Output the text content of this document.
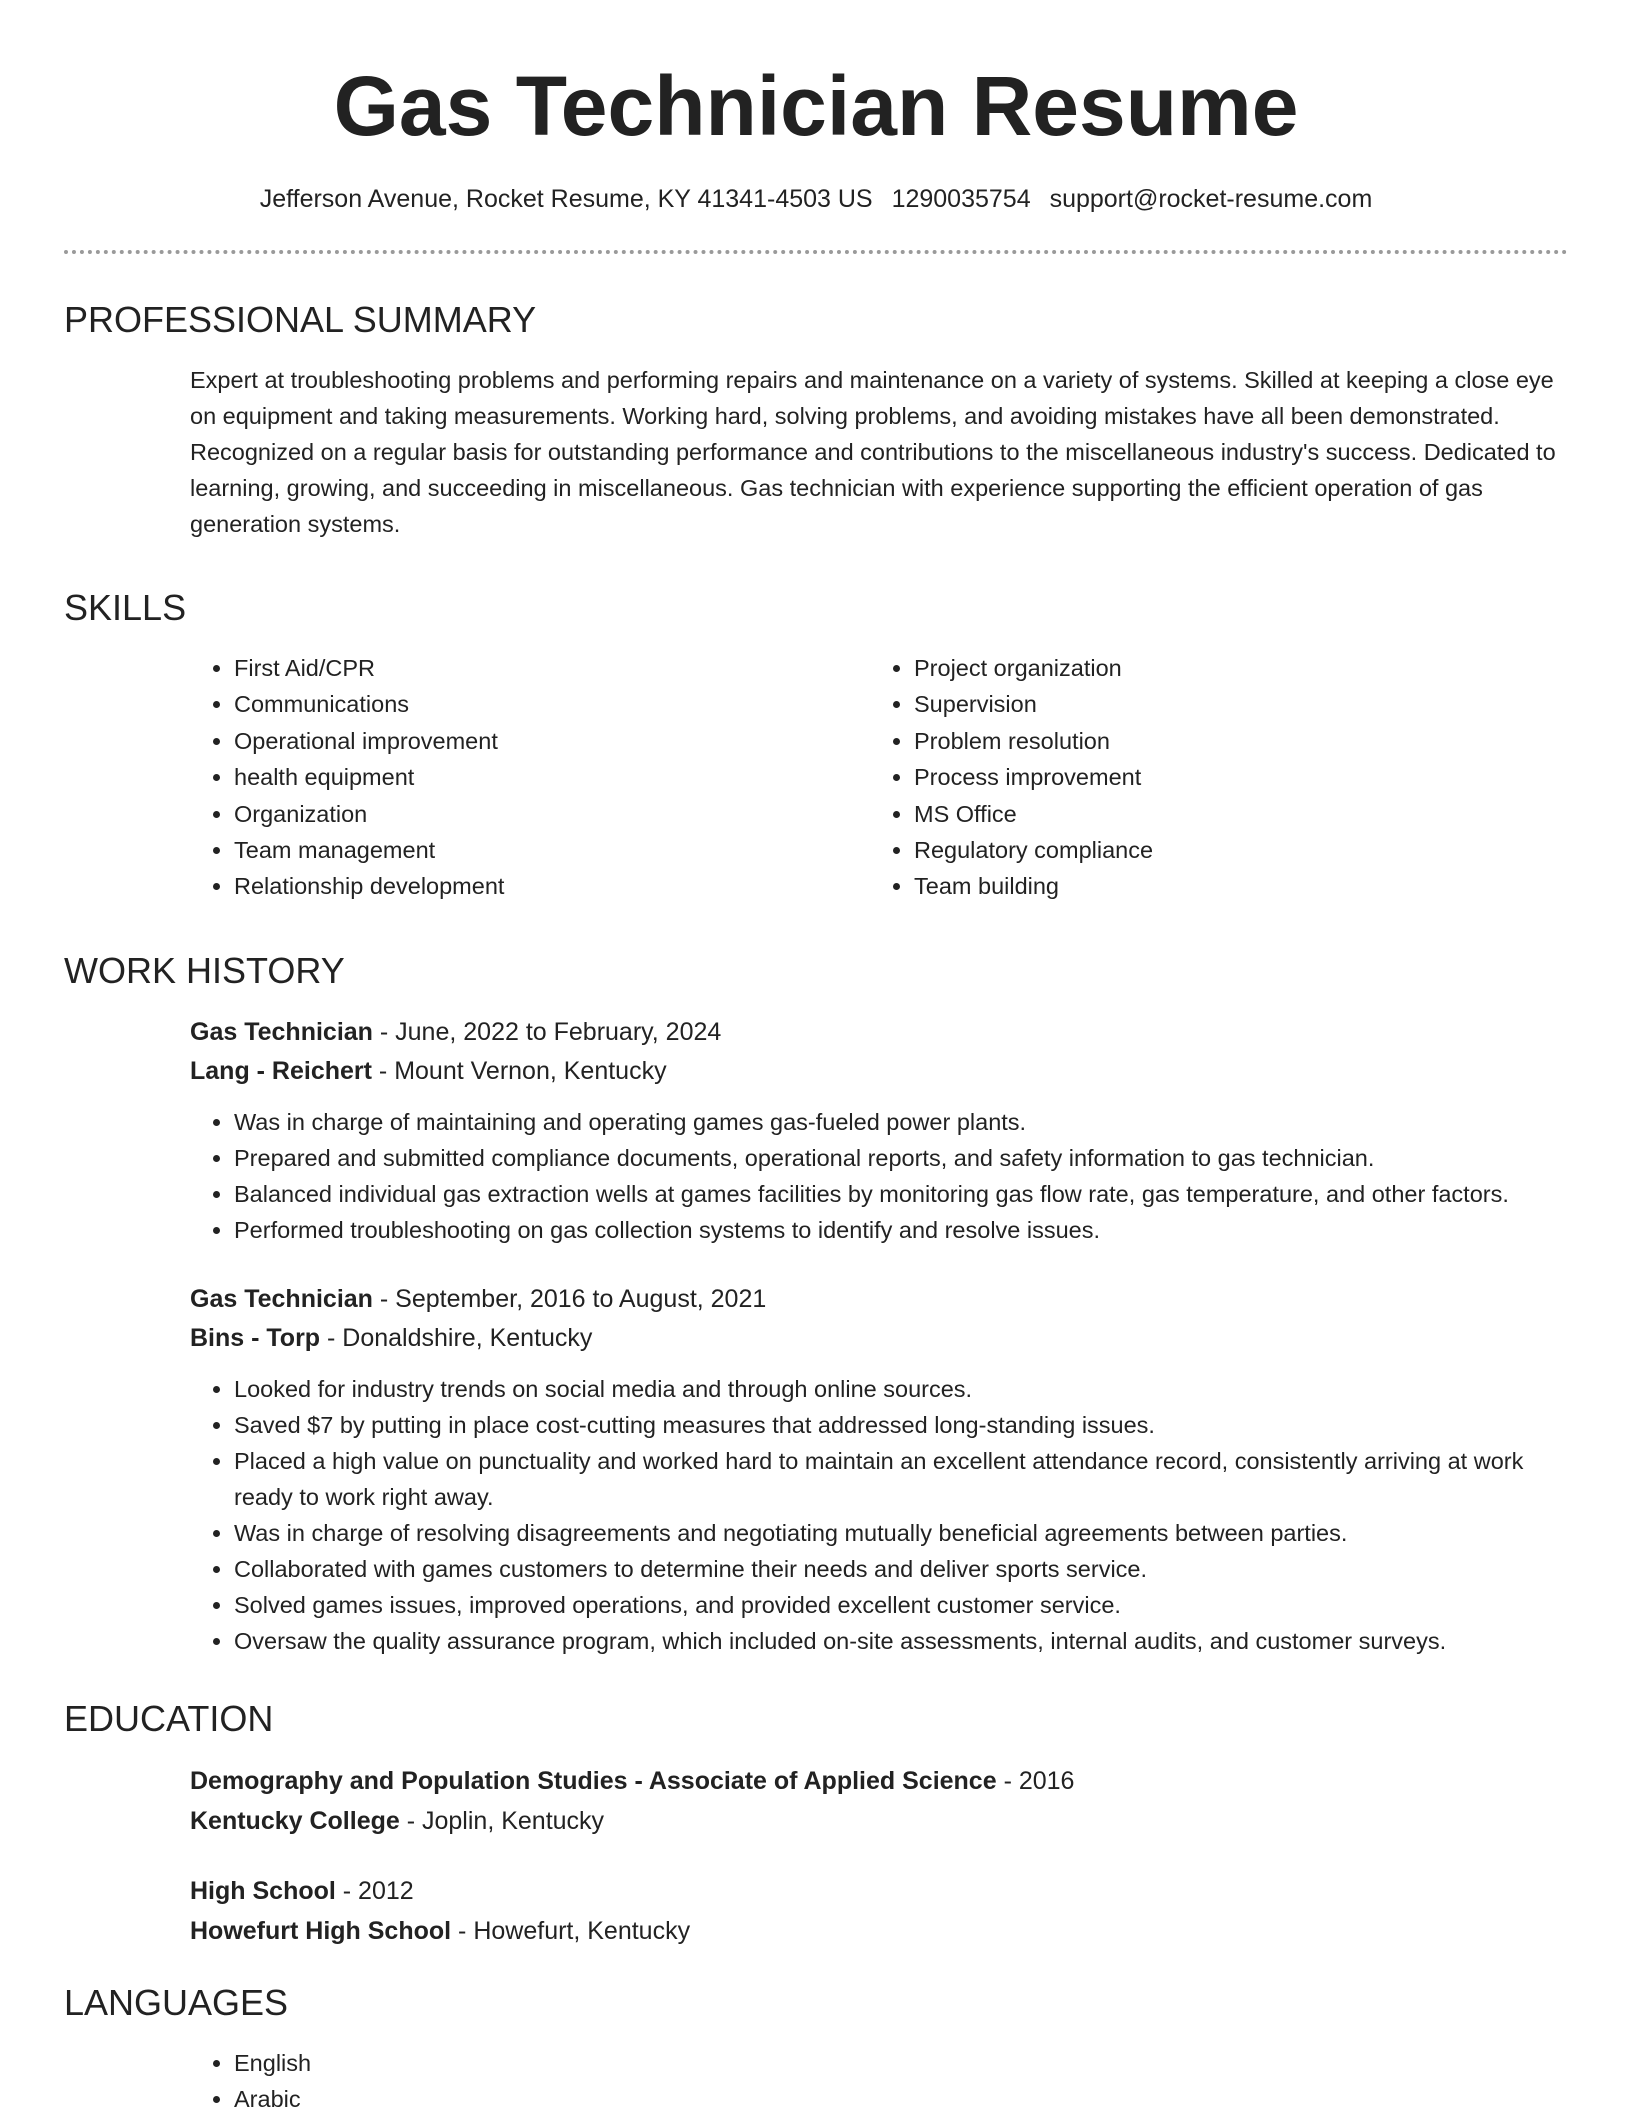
Gas Technician Resume
Jefferson Avenue, Rocket Resume, KY 41341-4503 US 1290035754 support@rocket-resume.com
PROFESSIONAL SUMMARY

Expert at troubleshooting problems and performing repairs and maintenance on a variety of systems. Skilled at keeping a close eye on equipment and taking measurements. Working hard, solving problems, and avoiding mistakes have all been demonstrated. Recognized on a regular basis for outstanding performance and contributions to the miscellaneous industry's success. Dedicated to learning, growing, and succeeding in miscellaneous. Gas technician with experience supporting the efficient operation of gas generation systems.

SKILLS
• First Aid/CPR
• Communications
• Operational improvement
• health equipment
• Organization
• Team management
• Relationship development
• Project organization
• Supervision
• Problem resolution
• Process improvement
• MS Office
• Regulatory compliance
• Team building
WORK HISTORY
Gas Technician - June, 2022 to February, 2024
Lang - Reichert - Mount Vernon, Kentucky
• Was in charge of maintaining and operating games gas-fueled power plants.
• Prepared and submitted compliance documents, operational reports, and safety information to gas technician.
• Balanced individual gas extraction wells at games facilities by monitoring gas flow rate, gas temperature, and other factors.
• Performed troubleshooting on gas collection systems to identify and resolve issues.
Gas Technician - September, 2016 to August, 2021
Bins - Torp - Donaldshire, Kentucky
• Looked for industry trends on social media and through online sources.
• Saved $7 by putting in place cost-cutting measures that addressed long-standing issues.
• Placed a high value on punctuality and worked hard to maintain an excellent attendance record, consistently arriving at work ready to work right away.
• Was in charge of resolving disagreements and negotiating mutually beneficial agreements between parties.
• Collaborated with games customers to determine their needs and deliver sports service.
• Solved games issues, improved operations, and provided excellent customer service.
• Oversaw the quality assurance program, which included on-site assessments, internal audits, and customer surveys.
EDUCATION
Demography and Population Studies - Associate of Applied Science - 2016
Kentucky College - Joplin, Kentucky
High School - 2012
Howefurt High School - Howefurt, Kentucky
LANGUAGES
• English
• Arabic
